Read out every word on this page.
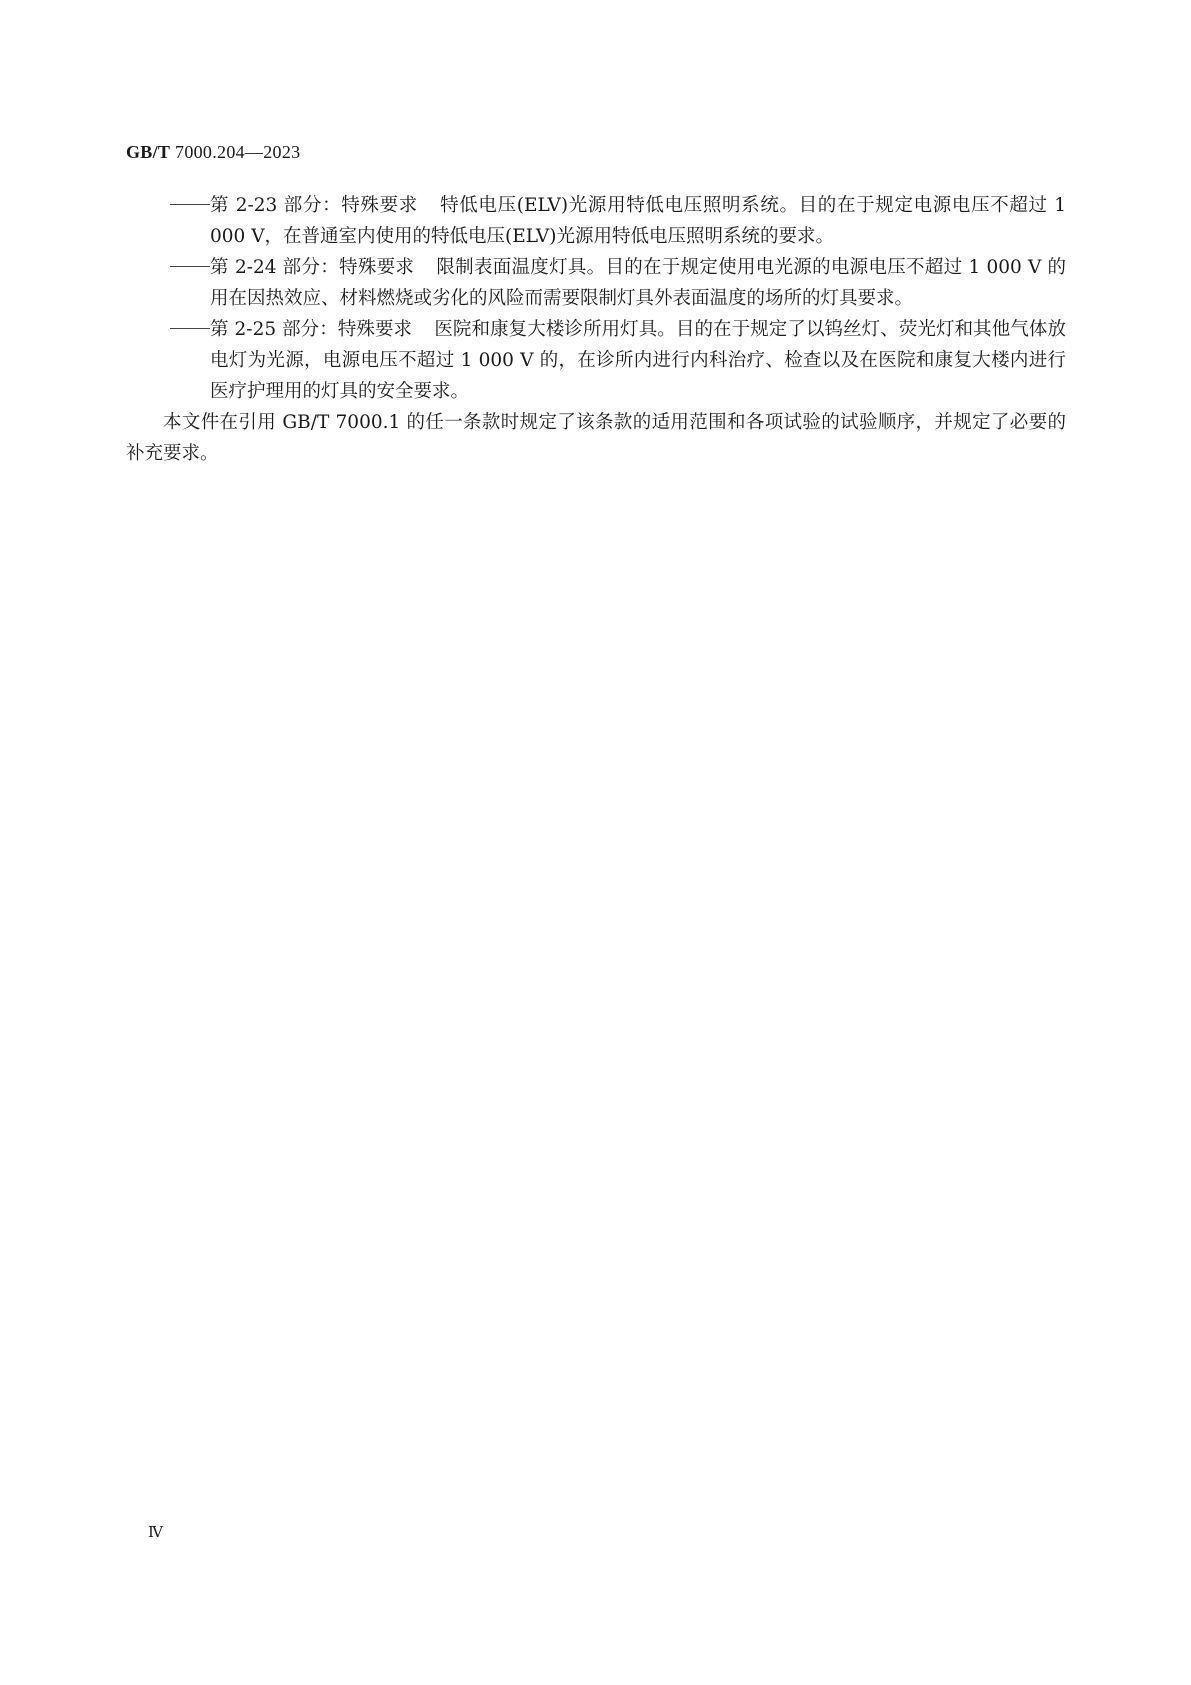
GB/T 7000.204—2023
第 2-23 部分：特殊要求 特低电压(ELV)光源用特低电压照明系统。目的在于规定电源电压不超过 1 000 V，在普通室内使用的特低电压(ELV)光源用特低电压照明系统的要求。
第 2-24 部分：特殊要求 限制表面温度灯具。目的在于规定使用电光源的电源电压不超过 1 000 V 的用在因热效应、材料燃烧或劣化的风险而需要限制灯具外表面温度的场所的灯具要求。
第 2-25 部分：特殊要求 医院和康复大楼诊所用灯具。目的在于规定了以钨丝灯、荧光灯和其他气体放电灯为光源，电源电压不超过 1 000 V 的，在诊所内进行内科治疗、检查以及在医院和康复大楼内进行医疗护理用的灯具的安全要求。

本文件在引用 GB/T 7000.1 的任一条款时规定了该条款的适用范围和各项试验的试验顺序，并规定了必要的补充要求。

Ⅳ
